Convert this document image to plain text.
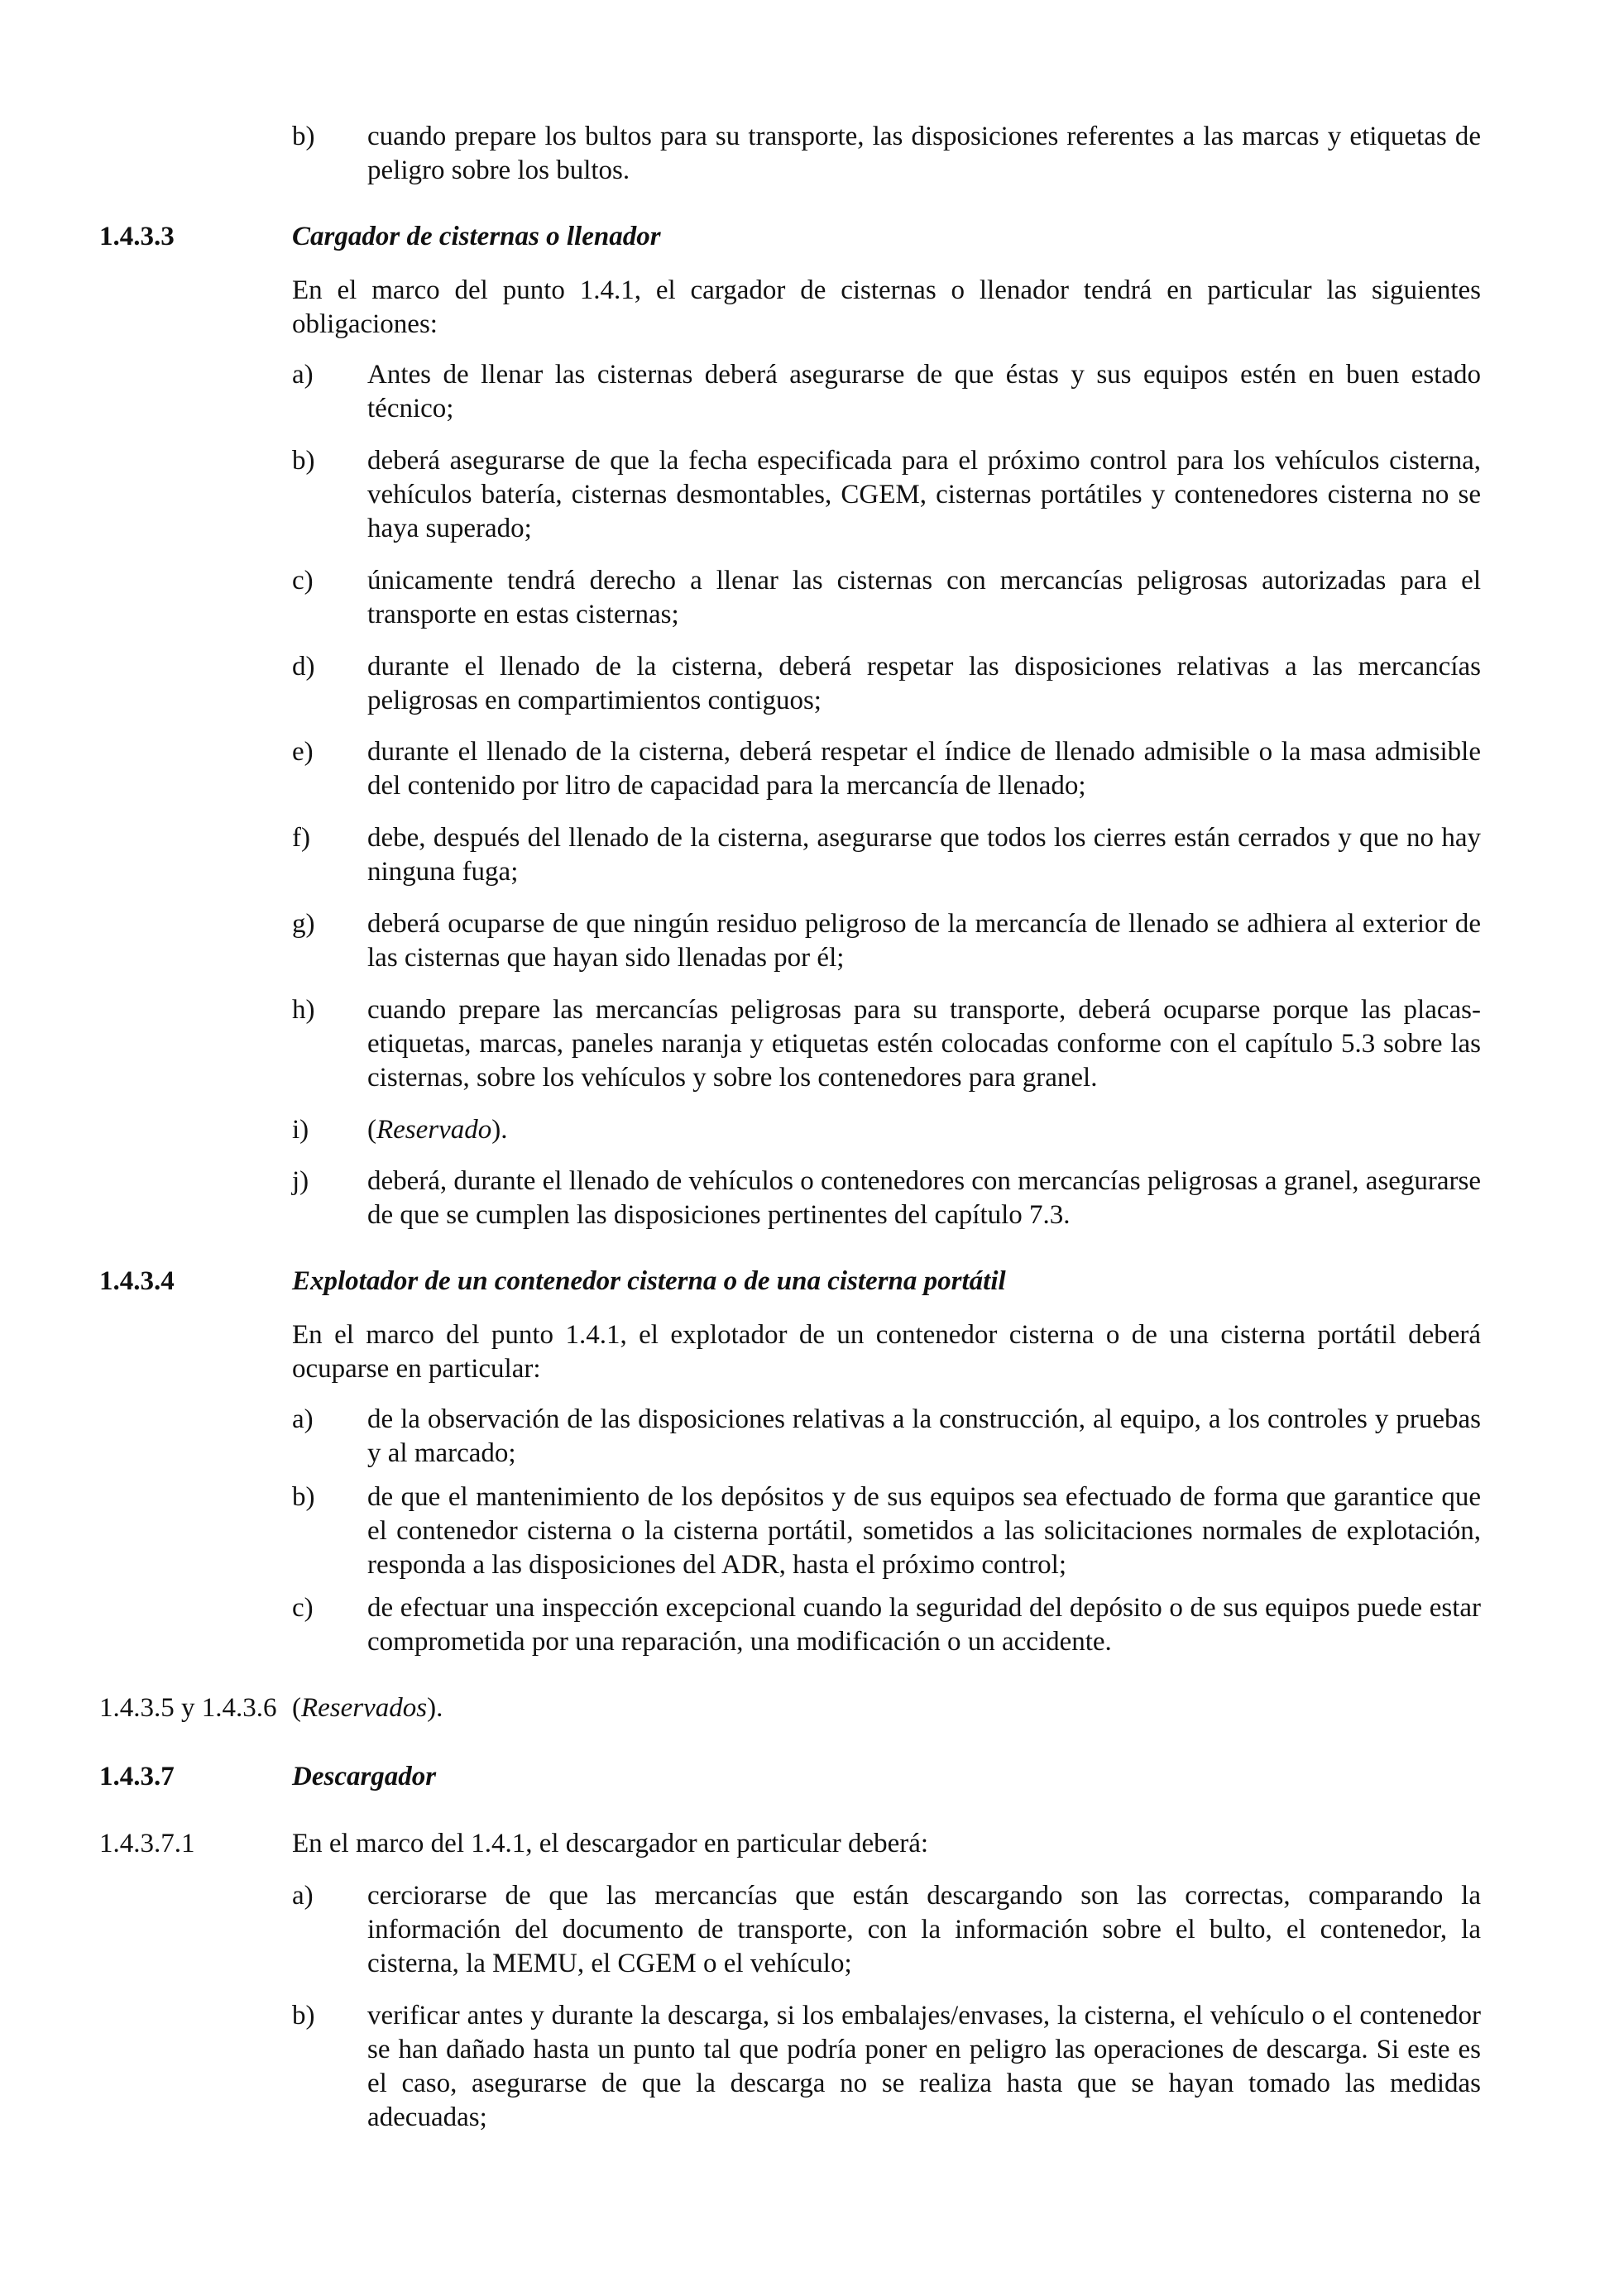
b)	cuando prepare los bultos para su transporte, las disposiciones referentes a las marcas y etiquetas de peligro sobre los bultos.
1.4.3.3	Cargador de cisternas o llenador
En el marco del punto 1.4.1, el cargador de cisternas o llenador tendrá en particular las siguientes obligaciones:
a)	Antes de llenar las cisternas deberá asegurarse de que éstas y sus equipos estén en buen estado técnico;
b)	deberá asegurarse de que la fecha especificada para el próximo control para los vehículos cisterna, vehículos batería, cisternas desmontables, CGEM, cisternas portátiles y contenedores cisterna no se haya superado;
c)	únicamente tendrá derecho a llenar las cisternas con mercancías peligrosas autorizadas para el transporte en estas cisternas;
d)	durante el llenado de la cisterna, deberá respetar las disposiciones relativas a las mercancías peligrosas en compartimientos contiguos;
e)	durante el llenado de la cisterna, deberá respetar el índice de llenado admisible o la masa admisible del contenido por litro de capacidad para la mercancía de llenado;
f)	debe, después del llenado de la cisterna, asegurarse que todos los cierres están cerrados y que no hay ninguna fuga;
g)	deberá ocuparse de que ningún residuo peligroso de la mercancía de llenado se adhiera al exterior de las cisternas que hayan sido llenadas por él;
h)	cuando prepare las mercancías peligrosas para su transporte, deberá ocuparse porque las placas-etiquetas, marcas, paneles naranja y etiquetas estén colocadas conforme con el capítulo 5.3 sobre las cisternas, sobre los vehículos y sobre los contenedores para granel.
i)	(Reservado).
j)	deberá, durante el llenado de vehículos o contenedores con mercancías peligrosas a granel, asegurarse de que se cumplen las disposiciones pertinentes del capítulo 7.3.
1.4.3.4	Explotador de un contenedor cisterna o de una cisterna portátil
En el marco del punto 1.4.1, el explotador de un contenedor cisterna o de una cisterna portátil deberá ocuparse en particular:
a)	de la observación de las disposiciones relativas a la construcción, al equipo, a los controles y pruebas y al marcado;
b)	de que el mantenimiento de los depósitos y de sus equipos sea efectuado de forma que garantice que el contenedor cisterna o la cisterna portátil, sometidos a las solicitaciones normales de explotación, responda a las disposiciones del ADR, hasta el próximo control;
c)	de efectuar una inspección excepcional cuando la seguridad del depósito o de sus equipos puede estar comprometida por una reparación, una modificación o un accidente.
1.4.3.5 y 1.4.3.6 (Reservados).
1.4.3.7	Descargador
1.4.3.7.1	En el marco del 1.4.1, el descargador en particular deberá:
a)	cerciorarse de que las mercancías que están descargando son las correctas, comparando la información del documento de transporte, con la información sobre el bulto, el contenedor, la cisterna, la MEMU, el CGEM o el vehículo;
b)	verificar antes y durante la descarga, si los embalajes/envases, la cisterna, el vehículo o el contenedor se han dañado hasta un punto tal que podría poner en peligro las operaciones de descarga. Si este es el caso, asegurarse de que la descarga no se realiza hasta que se hayan tomado las medidas adecuadas;
